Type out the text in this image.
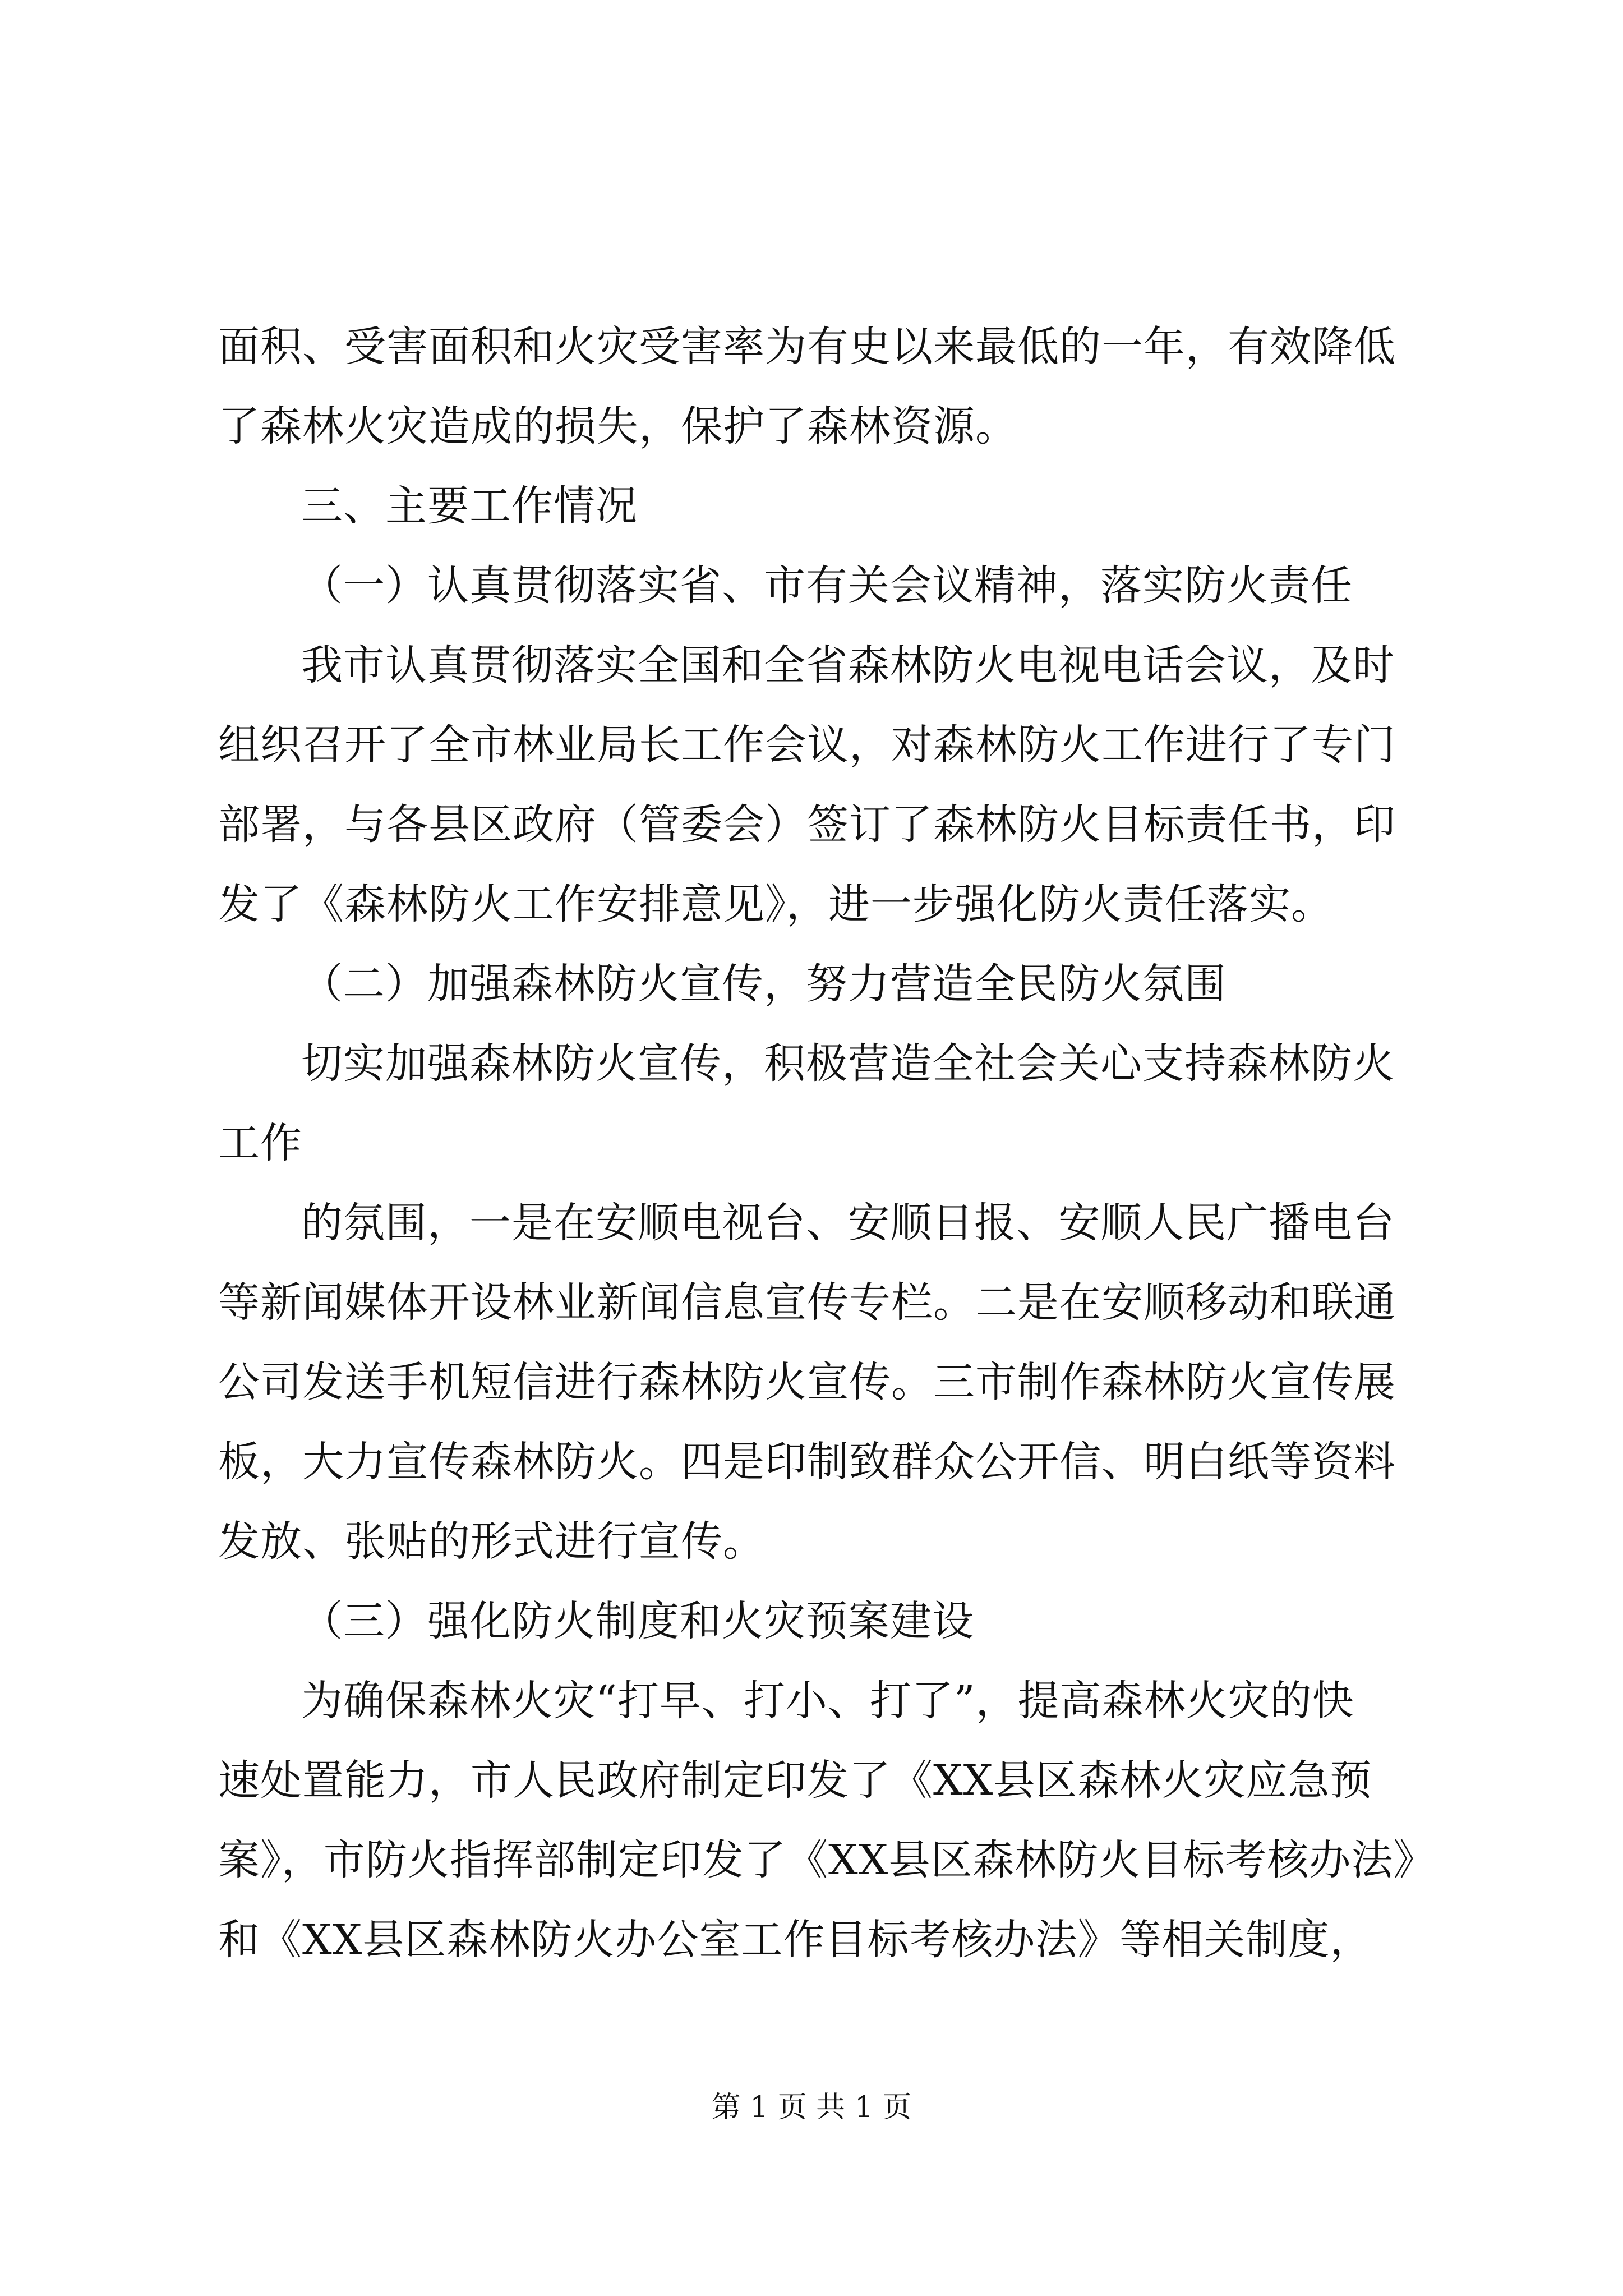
面积、受害面积和火灾受害率为有史以来最低的一年，有效降低
了森林火灾造成的损失，保护了森林资源。
三、主要工作情况
（一）认真贯彻落实省、市有关会议精神，落实防火责任
我市认真贯彻落实全国和全省森林防火电视电话会议，及时
组织召开了全市林业局长工作会议，对森林防火工作进行了专门
部署，与各县区政府（管委会）签订了森林防火目标责任书，印
发了《森林防火工作安排意见》，进一步强化防火责任落实。
（二）加强森林防火宣传，努力营造全民防火氛围
切实加强森林防火宣传，积极营造全社会关心支持森林防火
工作
的氛围，一是在安顺电视台、安顺日报、安顺人民广播电台
等新闻媒体开设林业新闻信息宣传专栏。二是在安顺移动和联通
公司发送手机短信进行森林防火宣传。三市制作森林防火宣传展
板，大力宣传森林防火。四是印制致群众公开信、明白纸等资料
发放、张贴的形式进行宣传。
（三）强化防火制度和火灾预案建设
为确保森林火灾“打早、打小、打了”，提高森林火灾的快
速处置能力，市人民政府制定印发了《XX县区森林火灾应急预
案》，市防火指挥部制定印发了《XX县区森林防火目标考核办法》
和《XX县区森林防火办公室工作目标考核办法》等相关制度，
第 1 页 共 1 页
